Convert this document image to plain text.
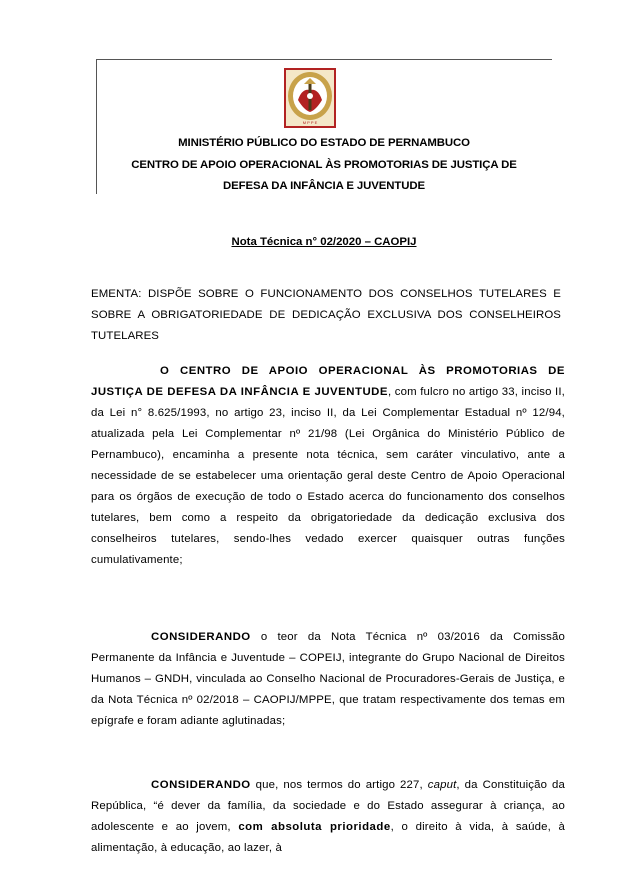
M P P E
MINISTÉRIO PÚBLICO DO ESTADO DE PERNAMBUCO
CENTRO DE APOIO OPERACIONAL ÀS PROMOTORIAS DE JUSTIÇA DE
DEFESA DA INFÂNCIA E JUVENTUDE
Nota Técnica n° 02/2020 – CAOPIJ
EMENTA: DISPÕE SOBRE O FUNCIONAMENTO DOS CONSELHOS TUTELARES E SOBRE A OBRIGATORIEDADE DE DEDICAÇÃO EXCLUSIVA DOS CONSELHEIROS TUTELARES
O CENTRO DE APOIO OPERACIONAL ÀS PROMOTORIAS DE JUSTIÇA DE DEFESA DA INFÂNCIA E JUVENTUDE, com fulcro no artigo 33, inciso II, da Lei n° 8.625/1993, no artigo 23, inciso II, da Lei Complementar Estadual nº 12/94, atualizada pela Lei Complementar nº 21/98 (Lei Orgânica do Ministério Público de Pernambuco), encaminha a presente nota técnica, sem caráter vinculativo, ante a necessidade de se estabelecer uma orientação geral deste Centro de Apoio Operacional para os órgãos de execução de todo o Estado acerca do funcionamento dos conselhos tutelares, bem como a respeito da obrigatoriedade da dedicação exclusiva dos conselheiros tutelares, sendo-lhes vedado exercer quaisquer outras funções cumulativamente;
CONSIDERANDO o teor da Nota Técnica nº 03/2016 da Comissão Permanente da Infância e Juventude – COPEIJ, integrante do Grupo Nacional de Direitos Humanos – GNDH, vinculada ao Conselho Nacional de Procuradores-Gerais de Justiça, e da Nota Técnica nº 02/2018 – CAOPIJ/MPPE, que tratam respectivamente dos temas em epígrafe e foram adiante aglutinadas;
CONSIDERANDO que, nos termos do artigo 227, caput, da Constituição da República, “é dever da família, da sociedade e do Estado assegurar à criança, ao adolescente e ao jovem, com absoluta prioridade, o direito à vida, à saúde, à alimentação, à educação, ao lazer, à
